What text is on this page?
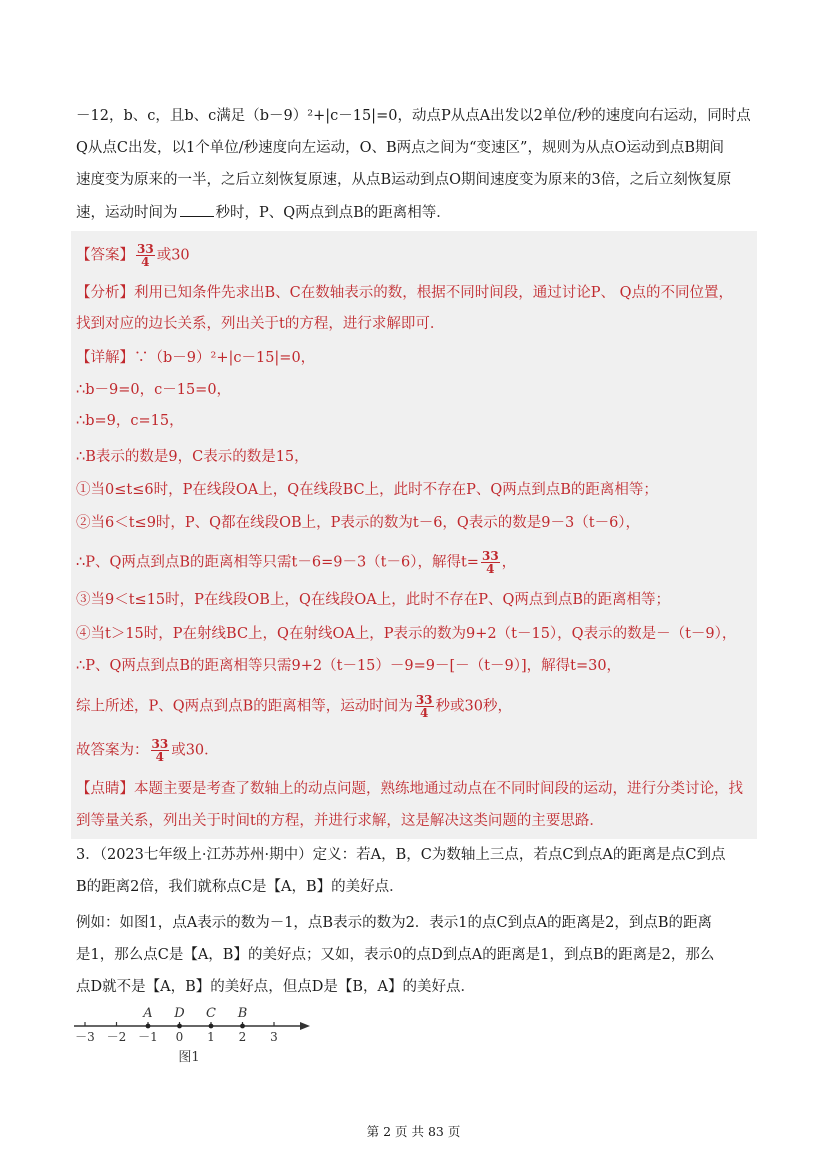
－12，b、c，且b、c满足（b－9）²+|c－15|=0，动点P从点A出发以2单位/秒的速度向右运动，同时点
Q从点C出发，以1个单位/秒速度向左运动，O、B两点之间为“变速区”，规则为从点O运动到点B期间
速度变为原来的一半，之后立刻恢复原速，从点B运动到点O期间速度变为原来的3倍，之后立刻恢复原
速，运动时间为	秒时，P、Q两点到点B的距离相等．
【答案】 $\frac{33}{4}$ 或30
【分析】利用已知条件先求出B、C在数轴表示的数，根据不同时间段，通过讨论P、 Q点的不同位置，
找到对应的边长关系，列出关于t的方程，进行求解即可．
【详解】∵（b－9）²+|c－15|=0，
∴b－9=0，c－15=0，
∴b=9，c=15，
∴B表示的数是9，C表示的数是15，
①当0≤t≤6时，P在线段OA上，Q在线段BC上，此时不存在P、Q两点到点B的距离相等；
②当6＜t≤9时，P、Q都在线段OB上，P表示的数为t－6，Q表示的数是9－3（t－6），
∴P、Q两点到点B的距离相等只需t－6=9－3（t－6），解得$t= \frac{33}{4}$ ，
③当9＜t≤15时，P在线段OB上，Q在线段OA上，此时不存在P、Q两点到点B的距离相等；
④当t＞15时，P在射线BC上，Q在射线OA上，P表示的数为9+2（t－15），Q表示的数是－（t－9），
∴P、Q两点到点B的距离相等只需9+2（t－15）－9=9－[－（t－9）]，解得t=30，
综上所述，P、Q两点到点B的距离相等，运动时间为 $\frac{33}{4}$ 秒或30秒，
故答案为： $\frac{33}{4}$ 或30．
【点睛】本题主要是考查了数轴上的动点问题，熟练地通过动点在不同时间段的运动，进行分类讨论，找
到等量关系，列出关于时间t的方程，并进行求解，这是解决这类问题的主要思路．
3．（2023七年级上·江苏苏州·期中）定义：若A，B，C为数轴上三点，若点C到点A的距离是点C到点
B的距离2倍，我们就称点C是【A，B】的美好点．
例如：如图1，点A表示的数为－1，点B表示的数为2．表示1的点C到点A的距离是2，到点B的距离
是1，那么点C是【A，B】的美好点；又如，表示0的点D到点A的距离是1，到点B的距离是2，那么
点D就不是【A，B】的美好点，但点D是【B，A】的美好点．
－3 －2 －1 0 1 2 3
A D C B
图1
第 2 页 共 83 页
